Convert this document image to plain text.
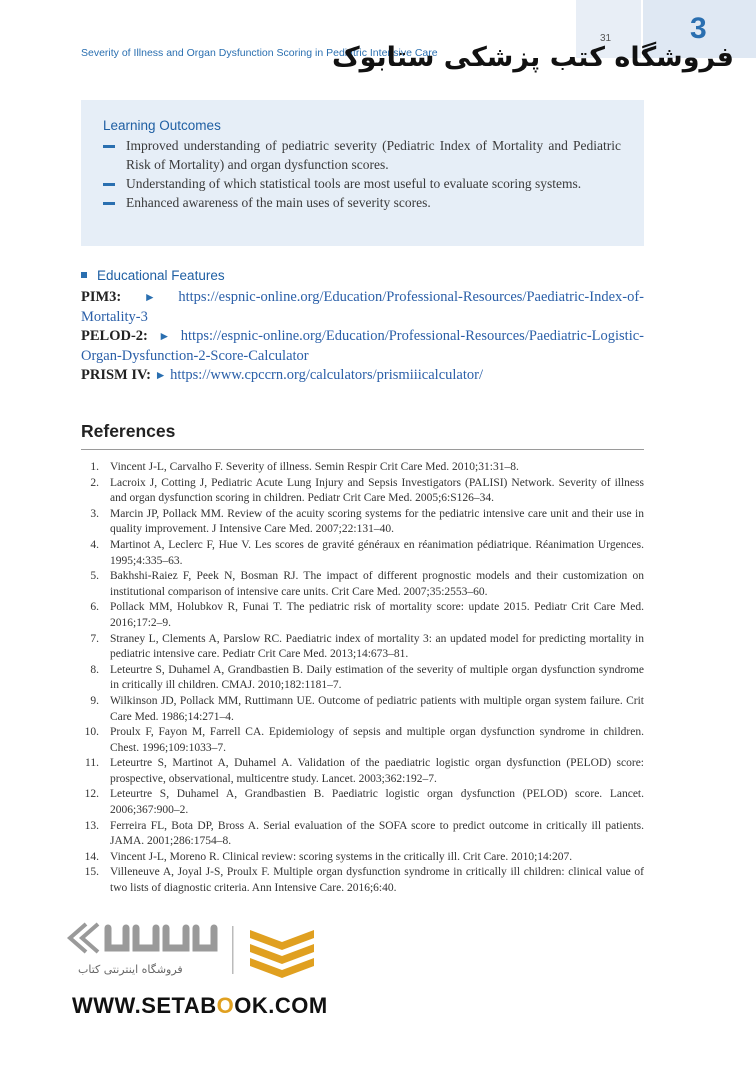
3
31
Severity of Illness and Organ Dysfunction Scoring in Pediatric Intensive Care
فروشگاه کتب پزشکی ستابوک
Learning Outcomes
Improved understanding of pediatric severity (Pediatric Index of Mortality and Pediatric Risk of Mortality) and organ dysfunction scores.
Understanding of which statistical tools are most useful to evaluate scoring systems.
Enhanced awareness of the main uses of severity scores.
Educational Features

PIM3: ► https://espnic-online.org/Education/Professional-Resources/Paediatric-Index-of-Mortality-3

PELOD-2: ► https://espnic-online.org/Education/Professional-Resources/Paediatric-Logistic-Organ-Dysfunction-2-Score-Calculator

PRISM IV: ► https://www.cpccrn.org/calculators/prismiiicalculator/

References
1. Vincent J-L, Carvalho F. Severity of illness. Semin Respir Crit Care Med. 2010;31:31–8.
2. Lacroix J, Cotting J, Pediatric Acute Lung Injury and Sepsis Investigators (PALISI) Network. Severity of illness and organ dysfunction scoring in children. Pediatr Crit Care Med. 2005;6:S126–34.
3. Marcin JP, Pollack MM. Review of the acuity scoring systems for the pediatric intensive care unit and their use in quality improvement. J Intensive Care Med. 2007;22:131–40.
4. Martinot A, Leclerc F, Hue V. Les scores de gravité généraux en réanimation pédiatrique. Réanimation Urgences. 1995;4:335–63.
5. Bakhshi-Raiez F, Peek N, Bosman RJ. The impact of different prognostic models and their customization on institutional comparison of intensive care units. Crit Care Med. 2007;35:2553–60.
6. Pollack MM, Holubkov R, Funai T. The pediatric risk of mortality score: update 2015. Pediatr Crit Care Med. 2016;17:2–9.
7. Straney L, Clements A, Parslow RC. Paediatric index of mortality 3: an updated model for predicting mortality in pediatric intensive care. Pediatr Crit Care Med. 2013;14:673–81.
8. Leteurtre S, Duhamel A, Grandbastien B. Daily estimation of the severity of multiple organ dysfunction syndrome in critically ill children. CMAJ. 2010;182:1181–7.
9. Wilkinson JD, Pollack MM, Ruttimann UE. Outcome of pediatric patients with multiple organ system failure. Crit Care Med. 1986;14:271–4.
10. Proulx F, Fayon M, Farrell CA. Epidemiology of sepsis and multiple organ dysfunction syndrome in children. Chest. 1996;109:1033–7.
11. Leteurtre S, Martinot A, Duhamel A. Validation of the paediatric logistic organ dysfunction (PELOD) score: prospective, observational, multicentre study. Lancet. 2003;362:192–7.
12. Leteurtre S, Duhamel A, Grandbastien B. Paediatric logistic organ dysfunction (PELOD) score. Lancet. 2006;367:900–2.
13. Ferreira FL, Bota DP, Bross A. Serial evaluation of the SOFA score to predict outcome in critically ill patients. JAMA. 2001;286:1754–8.
14. Vincent J-L, Moreno R. Clinical review: scoring systems in the critically ill. Crit Care. 2010;14:207.
15. Villeneuve A, Joyal J-S, Proulx F. Multiple organ dysfunction syndrome in critically ill children: clinical value of two lists of diagnostic criteria. Ann Intensive Care. 2016;6:40.
فروشگاه اینترنتی کتاب
WWW.SETABOOK.COM
